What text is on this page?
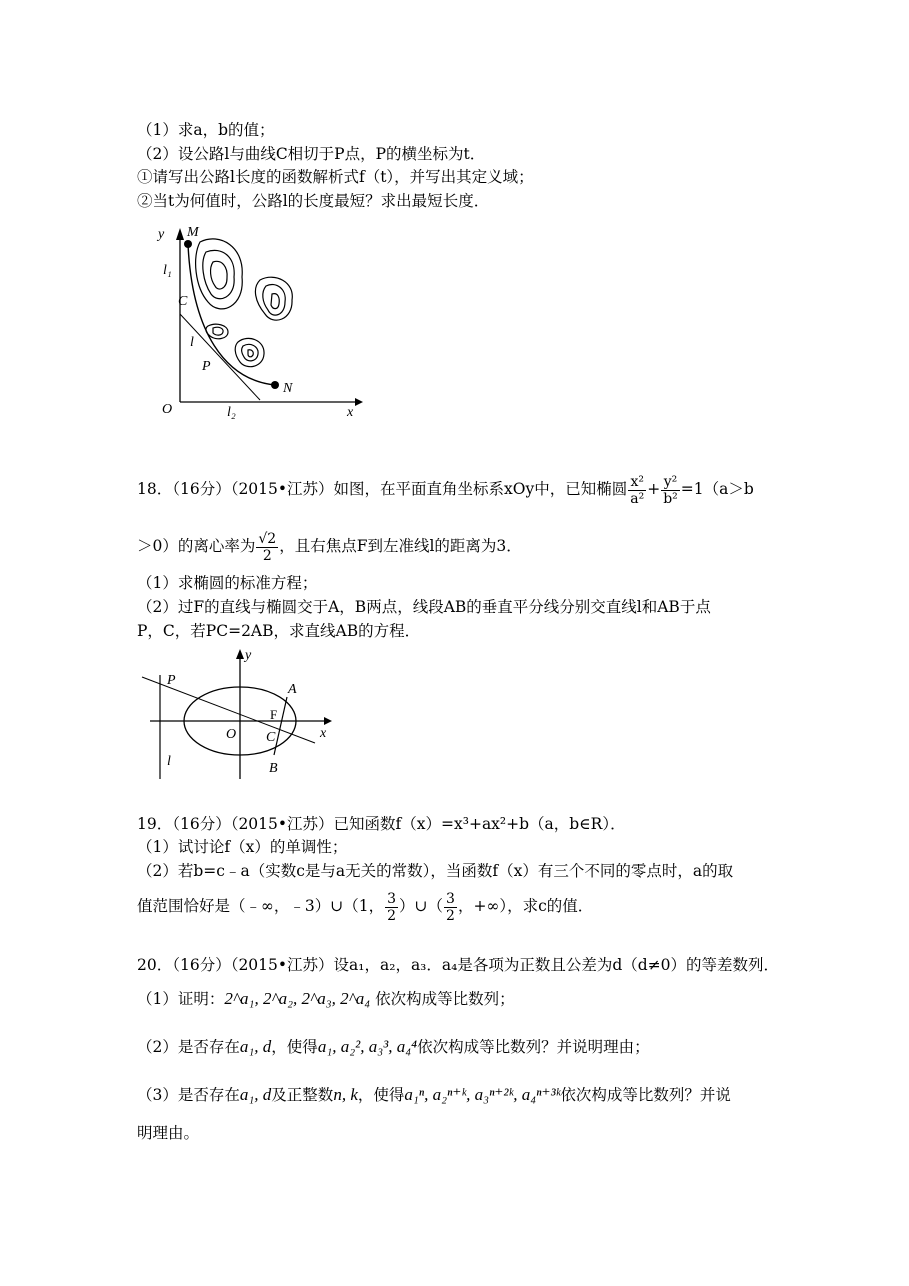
（1）求a，b的值；
（2）设公路l与曲线C相切于P点，P的横坐标为t．
①请写出公路l长度的函数解析式f（t），并写出其定义域；
②当t为何值时，公路l的长度最短？求出最短长度．
y M
l₁
C
l
P
N
O	l₂	x
18．（16分）（2015•江苏）如图，在平面直角坐标系xOy中，已知椭圆 $\frac{\text{x²}}{\text{a²}} + \frac{\text{y²}}{\text{b²}} =1(a>b$
＞0）的离心率为 $\frac{√2}{2}$ ，且右焦点F到左准线l的距离为3．
（1）求椭圆的标准方程；
（2）过F的直线与椭圆交于A，B两点，线段AB的垂直平分线分别交直线l和AB于点
P，C，若PC=2AB，求直线AB的方程．
y
P
A
F
O C	x
l	B
19．（16分）（2015•江苏）已知函数f（x）=x³+ax²+b（a，b∈R）．
（1）试讨论f（x）的单调性；
（2）若b=c﹣a（实数c是与a无关的常数），当函数f（x）有三个不同的零点时，a的取
值范围恰好是（﹣∞，﹣3）∪（1， $\frac{3}{2}$ ）∪（ $\frac{3}{2}$ ，+∞），求c的值．
20．（16分）（2015•江苏）设a₁，a₂，a₃．a₄是各项为正数且公差为d（d≠0）的等差数列．
（1）证明：2^a₁, 2^a₂, 2^a₃, 2^a₄ 依次构成等比数列；
（2）是否存在a₁, d，使得a₁, a₂², a₃³, a₄⁴依次构成等比数列？并说明理由；
（3）是否存在a₁, d及正整数n, k，使得a₁ⁿ, a₂ⁿ⁺ᵏ, a₃ⁿ⁺²ᵏ, a₄ⁿ⁺³ᵏ依次构成等比数列？并说
明理由。
